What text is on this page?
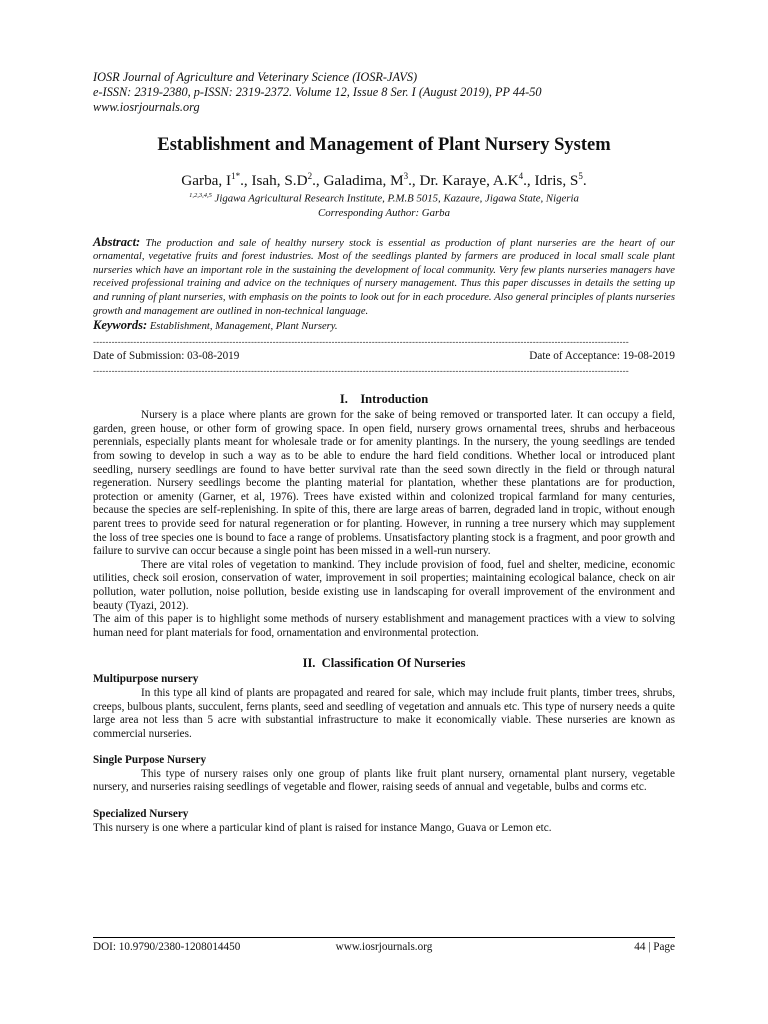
IOSR Journal of Agriculture and Veterinary Science (IOSR-JAVS)
e-ISSN: 2319-2380, p-ISSN: 2319-2372. Volume 12, Issue 8 Ser. I (August 2019), PP 44-50
www.iosrjournals.org
Establishment and Management of Plant Nursery System
Garba, $I^{1*}$., Isah, $S.D^2$., Galadima, $M^3$., Dr. Karaye, $A.K^4$., Idris, $S^5$.
$^{1,2,3,4,5}$ Jigawa Agricultural Research Institute, P.M.B 5015, Kazaure, Jigawa State, Nigeria
Corresponding Author: Garba
Abstract: The production and sale of healthy nursery stock is essential as production of plant nurseries are the heart of our ornamental, vegetative fruits and forest industries. Most of the seedlings planted by farmers are produced in local small scale plant nurseries which have an important role in the sustaining the development of local community. Very few plants nurseries managers have received professional training and advice on the techniques of nursery management. Thus this paper discusses in details the setting up and running of plant nurseries, with emphasis on the points to look out for in each procedure. Also general principles of plants nurseries growth and management are outlined in non-technical language.
Keywords: Establishment, Management, Plant Nursery.
-----------------------------------------------------------------------------------------------------------------------------------------------------------------------------
Date of Submission: 03-08-2019	Date of Acceptance: 19-08-2019
-----------------------------------------------------------------------------------------------------------------------------------------------------------------------------
I.    Introduction

Nursery is a place where plants are grown for the sake of being removed or transported later. It can occupy a field, garden, green house, or other form of growing space. In open field, nursery grows ornamental trees, shrubs and herbaceous perennials, especially plants meant for wholesale trade or for amenity plantings. In the nursery, the young seedlings are tended from sowing to develop in such a way as to be able to endure the hard field conditions. Whether local or introduced plant seedling, nursery seedlings are found to have better survival rate than the seed sown directly in the field or through natural regeneration. Nursery seedlings become the planting material for plantation, whether these plantations are for production, protection or amenity (Garner, et al, 1976). Trees have existed within and colonized tropical farmland for many centuries, because the species are self-replenishing. In spite of this, there are large areas of barren, degraded land in tropic, without enough parent trees to provide seed for natural regeneration or for planting. However, in running a tree nursery which may supplement the loss of tree species one is bound to face a range of problems. Unsatisfactory planting stock is a fragment, and poor growth and failure to survive can occur because a single point has been missed in a well-run nursery.

There are vital roles of vegetation to mankind. They include provision of food, fuel and shelter, medicine, economic utilities, check soil erosion, conservation of water, improvement in soil properties; maintaining ecological balance, check on air pollution, water pollution, noise pollution, beside existing use in landscaping for overall improvement of the environment and beauty (Tyazi, 2012).

The aim of this paper is to highlight some methods of nursery establishment and management practices with a view to solving human need for plant materials for food, ornamentation and environmental protection.

II.  Classification Of Nurseries
Multipurpose nursery

In this type all kind of plants are propagated and reared for sale, which may include fruit plants, timber trees, shrubs, creeps, bulbous plants, succulent, ferns plants, seed and seedling of vegetation and annuals etc. This type of nursery needs a quite large area not less than 5 acre with substantial infrastructure to make it economically viable. These nurseries are known as commercial nurseries.

Single Purpose Nursery

This type of nursery raises only one group of plants like fruit plant nursery, ornamental plant nursery, vegetable nursery, and nurseries raising seedlings of vegetable and flower, raising seeds of annual and vegetable, bulbs and corms etc.

Specialized Nursery

This nursery is one where a particular kind of plant is raised for instance Mango, Guava or Lemon etc.

DOI: 10.9790/2380-1208014450	www.iosrjournals.org	44 | Page
